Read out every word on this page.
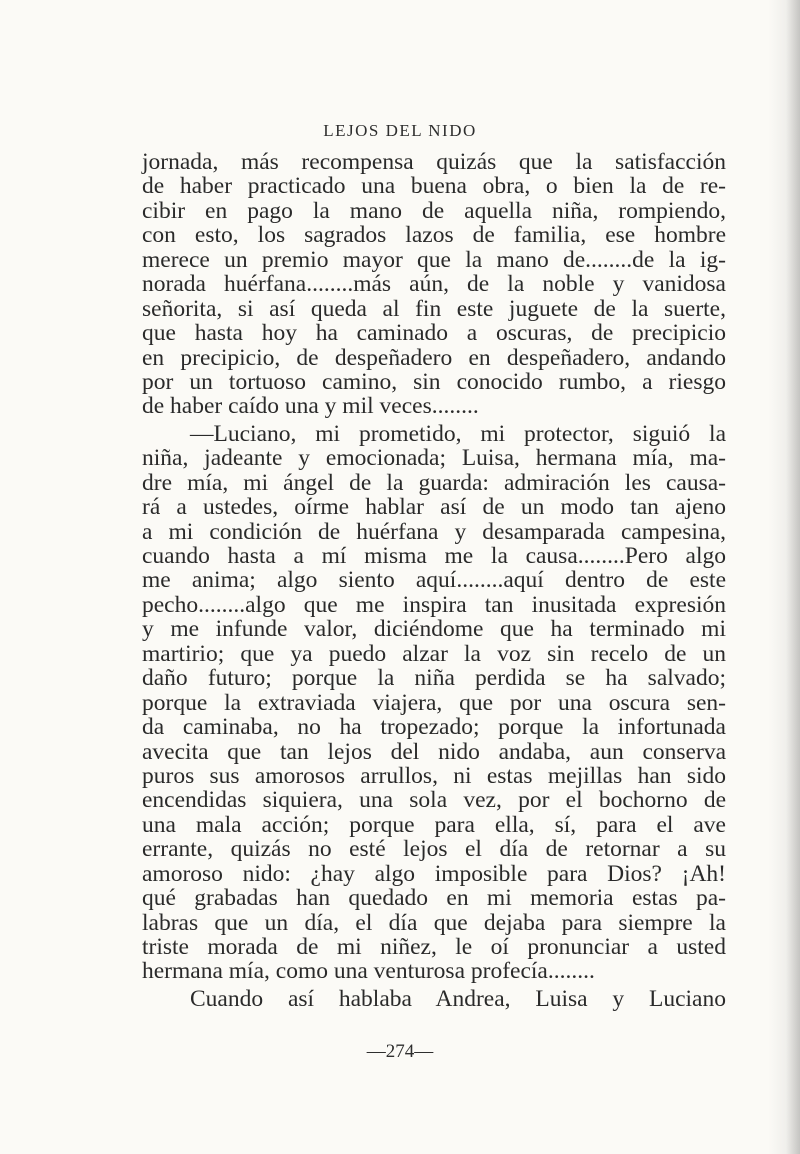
LEJOS DEL NIDO
jornada, más recompensa quizás que la satisfacción
de haber practicado una buena obra, o bien la de re-
cibir en pago la mano de aquella niña, rompiendo,
con esto, los sagrados lazos de familia, ese hombre
merece un premio mayor que la mano de........de la ig-
norada huérfana........más aún, de la noble y vanidosa
señorita, si así queda al fin este juguete de la suerte,
que hasta hoy ha caminado a oscuras, de precipicio
en precipicio, de despeñadero en despeñadero, andando
por un tortuoso camino, sin conocido rumbo, a riesgo
de haber caído una y mil veces........
—Luciano, mi prometido, mi protector, siguió la
niña, jadeante y emocionada; Luisa, hermana mía, ma-
dre mía, mi ángel de la guarda: admiración les causa-
rá a ustedes, oírme hablar así de un modo tan ajeno
a mi condición de huérfana y desamparada campesina,
cuando hasta a mí misma me la causa........Pero algo
me anima; algo siento aquí........aquí dentro de este
pecho........algo que me inspira tan inusitada expresión
y me infunde valor, diciéndome que ha terminado mi
martirio; que ya puedo alzar la voz sin recelo de un
daño futuro; porque la niña perdida se ha salvado;
porque la extraviada viajera, que por una oscura sen-
da caminaba, no ha tropezado; porque la infortunada
avecita que tan lejos del nido andaba, aun conserva
puros sus amorosos arrullos, ni estas mejillas han sido
encendidas siquiera, una sola vez, por el bochorno de
una mala acción; porque para ella, sí, para el ave
errante, quizás no esté lejos el día de retornar a su
amoroso nido: ¿hay algo imposible para Dios? ¡Ah!
qué grabadas han quedado en mi memoria estas pa-
labras que un día, el día que dejaba para siempre la
triste morada de mi niñez, le oí pronunciar a usted
hermana mía, como una venturosa profecía........
Cuando así hablaba Andrea, Luisa y Luciano
—274—
